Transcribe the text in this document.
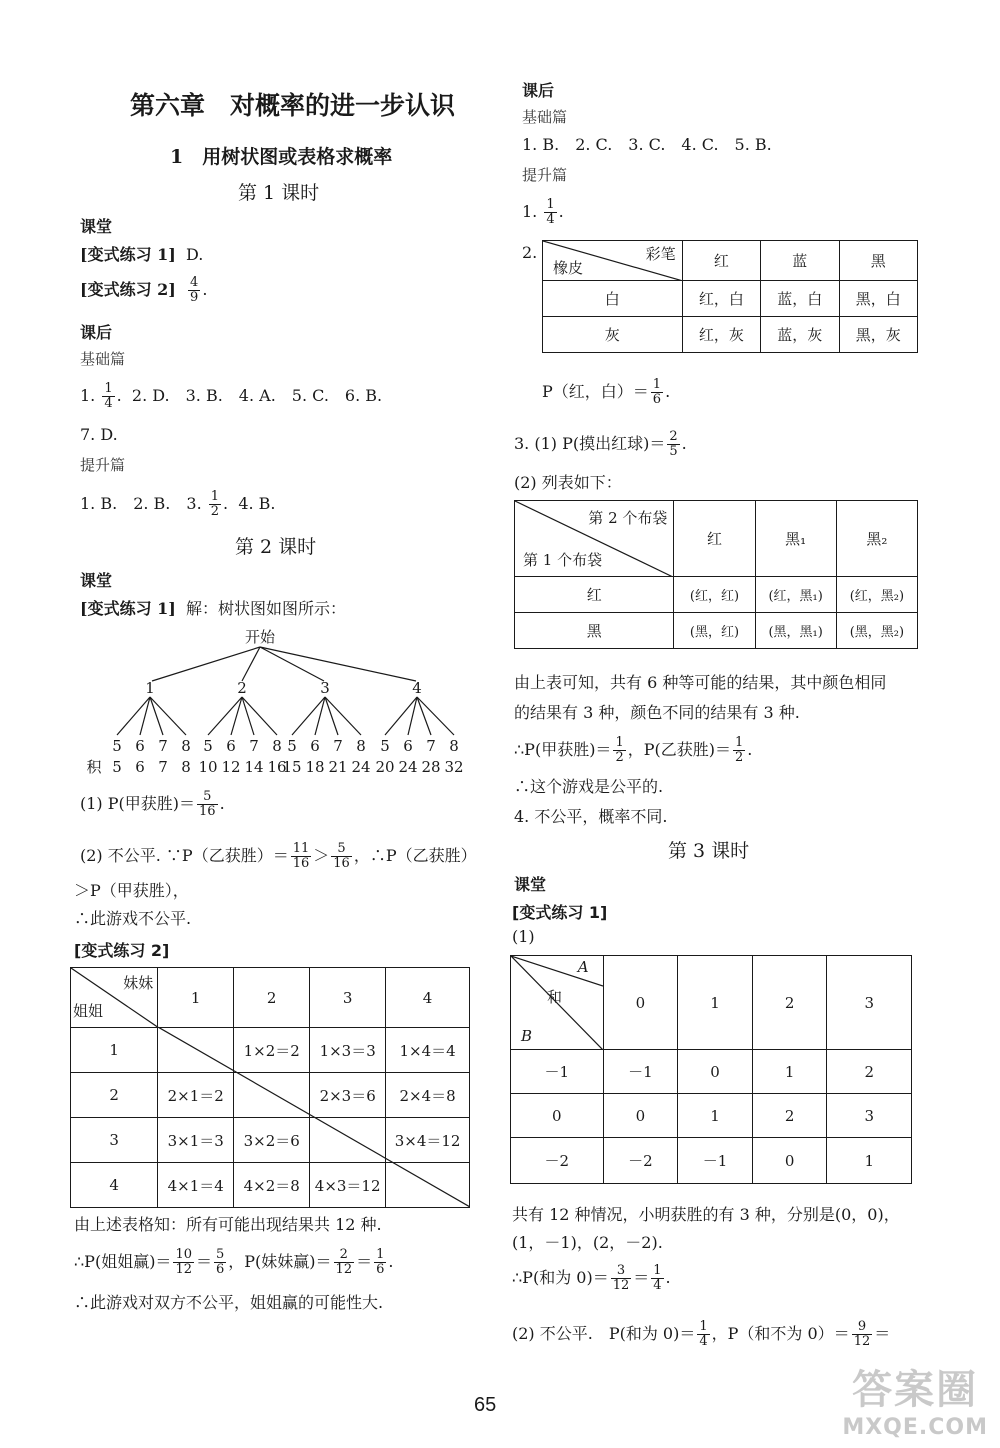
第六章　对概率的进一步认识
1　用树状图或表格求概率
第 1 课时
课堂
[变式练习 1] D.
[变式练习 $2] \frac{4}{9}$ .
课后
基础篇
1. $\frac{1}{4}$ .  2. D.　3. B.　4. A.　5. C.　6. B.
7. D.
提升篇
1. B.　2. B.　3. $\frac{1}{2}$ .  4. B.
第 2 课时
课堂
[变式练习 1] 解：树状图如图所示：
开始
1	2	3	4
5 6 7 8 5 6 7 8 5 6 7 8 5 6 7 8
5 6 7 8 10 12 14 16
15 18 21 24 20 24 28 32
积
(1) P(甲获胜)＝ $\frac{5}{16}$ .
(2) 不公平. ∵P（乙获胜）＝ $\frac{11}{16} > \frac{5}{16}$ ，∴P（乙获胜）
＞P（甲获胜），
∴此游戏不公平.
[变式练习 2]
妹妹
姐姐	1	2	3	4
1		1×2＝2	1×3＝3	1×4＝4
2	2×1＝2		2×3＝6	2×4＝8
3	3×1＝3	3×2＝6		3×4＝12
4	4×1＝4	4×2＝8	4×3＝12	
由上述表格知：所有可能出现结果共 12 种.
∴P(姐姐赢)＝ $\frac{10}{12} = \frac{5}{6}$ ，P(妹妹赢)＝ $\frac{2}{12} = \frac{1}{6}$ .
∴此游戏对双方不公平，姐姐赢的可能性大.
课后
基础篇
1. B.　2. C.　3. C.　4. C.　5. B.
提升篇
1. $\frac{1}{4}$ .
2.	彩笔
橡皮	红	蓝	黑
白	红，白	蓝，白	黑，白
灰	红，灰	蓝，灰	黑，灰
P（红，白）＝ $\frac{1}{6}$ .
3. (1) P(摸出红球)＝ $\frac{2}{5}$ .
(2) 列表如下：
第 2 个布袋
第 1 个布袋	红	黑₁	黑₂
红	(红，红)	(红，黑₁)	(红，黑₂)
黑	(黑，红)	(黑，黑₁)	(黑，黑₂)
由上表可知，共有 6 种等可能的结果，其中颜色相同
的结果有 3 种，颜色不同的结果有 3 种.
∴P(甲获胜)＝ $\frac{1}{2}$ ，P(乙获胜)＝ $\frac{1}{2}$ .
∴这个游戏是公平的.
4. 不公平，概率不同.
第 3 课时
课堂
[变式练习 1]
(1)
A
和
B	0	1	2	3
－1	－1	0	1	2
0	0	1	2	3
－2	－2	－1	0	1
共有 12 种情况，小明获胜的有 3 种，分别是(0，0)，
(1，－1)，(2，－2).
∴P(和为 $0)= \frac{3}{12} = \frac{1}{4}$ .
(2) 不公平.　P(和为 $0)= \frac{1}{4}$ ，P（和不为 $0)= \frac{9}{12}$ ＝
65	答案圈
MXQE.COM
